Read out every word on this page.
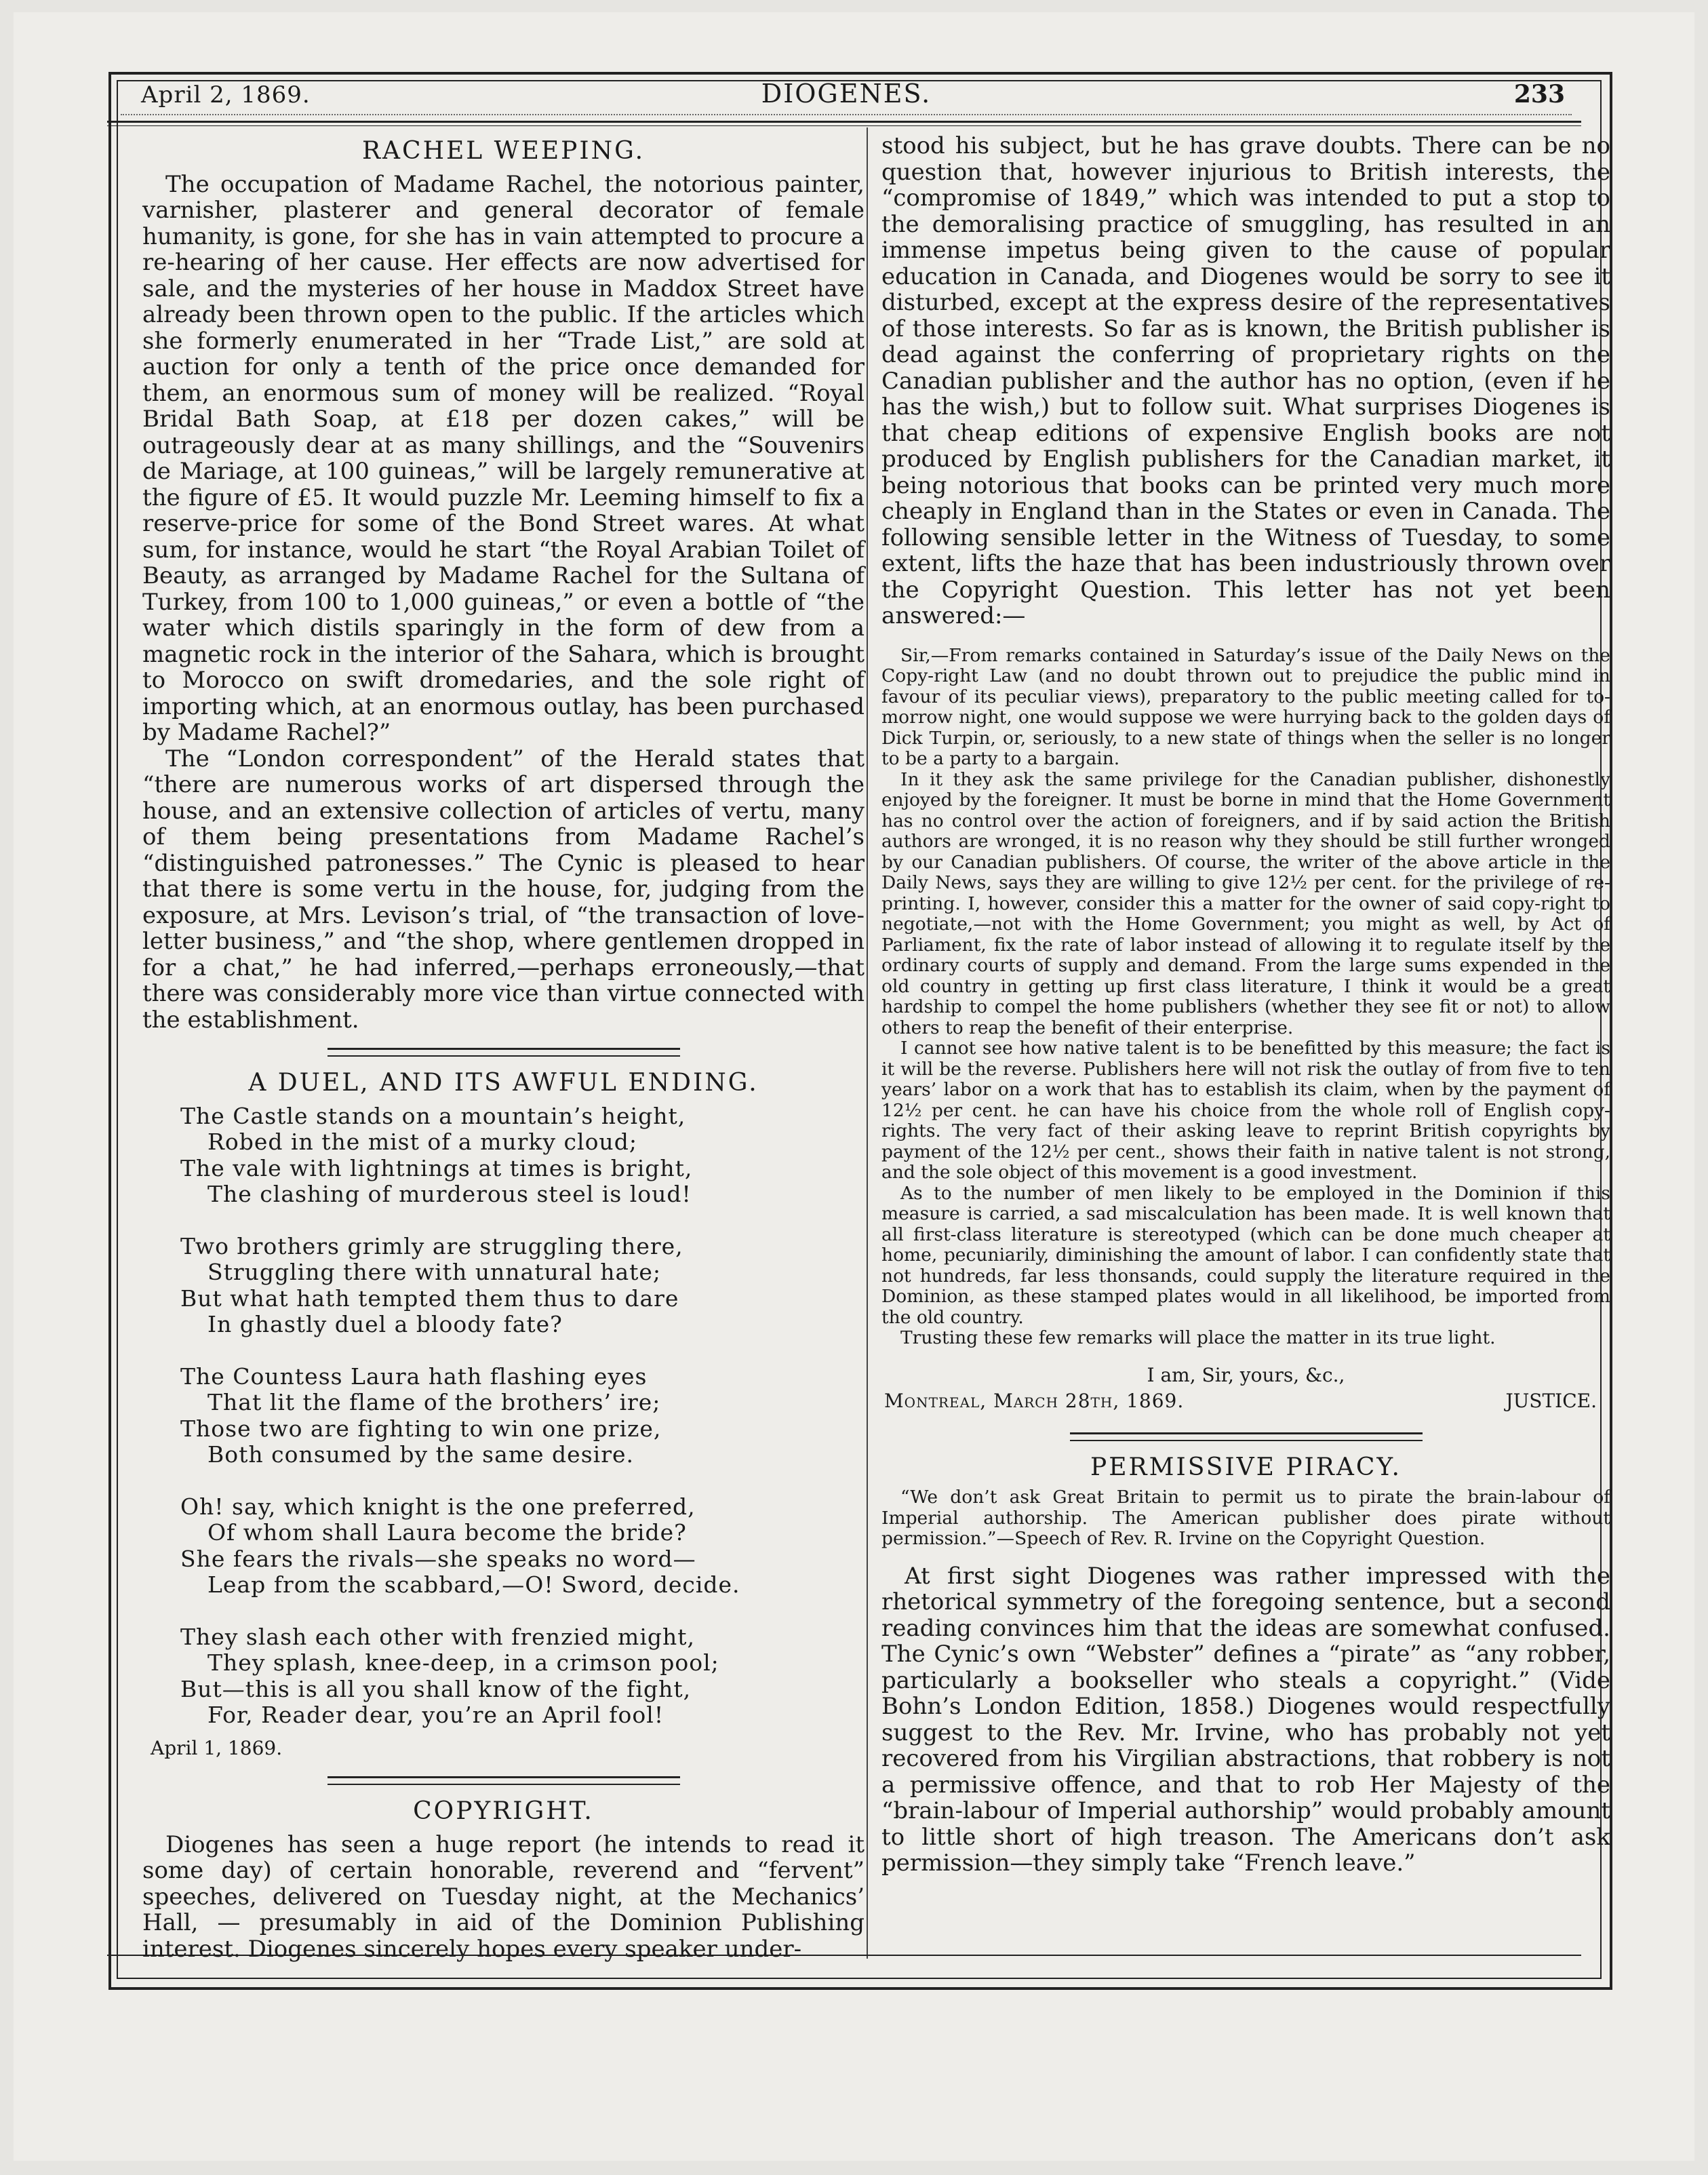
April 2, 1869.	DIOGENES.	233
RACHEL WEEPING.

The occupation of Madame Rachel, the notorious painter, varnisher, plasterer and general decorator of female humanity, is gone, for she has in vain attempted to procure a re-hearing of her cause. Her effects are now advertised for sale, and the mysteries of her house in Maddox Street have already been thrown open to the public. If the articles which she formerly enumerated in her “Trade List,” are sold at auction for only a tenth of the price once demanded for them, an enormous sum of money will be realized. “Royal Bridal Bath Soap, at £18 per dozen cakes,” will be outrageously dear at as many shillings, and the “Souvenirs de Mariage, at 100 guineas,” will be largely remunerative at the figure of £5. It would puzzle Mr. Leeming himself to fix a reserve-price for some of the Bond Street wares. At what sum, for instance, would he start “the Royal Arabian Toilet of Beauty, as arranged by Madame Rachel for the Sultana of Turkey, from 100 to 1,000 guineas,” or even a bottle of “the water which distils sparingly in the form of dew from a magnetic rock in the interior of the Sahara, which is brought to Morocco on swift dromedaries, and the sole right of importing which, at an enormous outlay, has been purchased by Madame Rachel?”

The “London correspondent” of the Herald states that “there are numerous works of art dispersed through the house, and an extensive collection of articles of vertu, many of them being presentations from Madame Rachel’s “distinguished patronesses.” The Cynic is pleased to hear that there is some vertu in the house, for, judging from the exposure, at Mrs. Levison’s trial, of “the transaction of love-letter business,” and “the shop, where gentlemen dropped in for a chat,” he had inferred,—perhaps erroneously,—that there was considerably more vice than virtue connected with the establishment.

A DUEL, AND ITS AWFUL ENDING.
The Castle stands on a mountain’s height,
Robed in the mist of a murky cloud;
The vale with lightnings at times is bright,
The clashing of murderous steel is loud!
Two brothers grimly are struggling there,
Struggling there with unnatural hate;
But what hath tempted them thus to dare
In ghastly duel a bloody fate?
The Countess Laura hath flashing eyes
That lit the flame of the brothers’ ire;
Those two are fighting to win one prize,
Both consumed by the same desire.
Oh! say, which knight is the one preferred,
Of whom shall Laura become the bride?
She fears the rivals—she speaks no word—
Leap from the scabbard,—O! Sword, decide.
They slash each other with frenzied might,
They splash, knee-deep, in a crimson pool;
But—this is all you shall know of the fight,
For, Reader dear, you’re an April fool!
April 1, 1869.
COPYRIGHT.

Diogenes has seen a huge report (he intends to read it some day) of certain honorable, reverend and “fervent” speeches, delivered on Tuesday night, at the Mechanics’ Hall, — presumably in aid of the Dominion Publishing interest. Diogenes sincerely hopes every speaker under-

stood his subject, but he has grave doubts. There can be no question that, however injurious to British interests, the “compromise of 1849,” which was intended to put a stop to the demoralising practice of smuggling, has resulted in an immense impetus being given to the cause of popular education in Canada, and Diogenes would be sorry to see it disturbed, except at the express desire of the representatives of those interests. So far as is known, the British publisher is dead against the conferring of proprietary rights on the Canadian publisher and the author has no option, (even if he has the wish,) but to follow suit. What surprises Diogenes is that cheap editions of expensive English books are not produced by English publishers for the Canadian market, it being notorious that books can be printed very much more cheaply in England than in the States or even in Canada. The following sensible letter in the Witness of Tuesday, to some extent, lifts the haze that has been industriously thrown over the Copyright Question. This letter has not yet been answered:—

Sir,—From remarks contained in Saturday’s issue of the Daily News on the Copy-right Law (and no doubt thrown out to prejudice the public mind in favour of its peculiar views), preparatory to the public meeting called for to-morrow night, one would suppose we were hurrying back to the golden days of Dick Turpin, or, seriously, to a new state of things when the seller is no longer to be a party to a bargain.

In it they ask the same privilege for the Canadian publisher, dishonestly enjoyed by the foreigner. It must be borne in mind that the Home Government has no control over the action of foreigners, and if by said action the British authors are wronged, it is no reason why they should be still further wronged by our Canadian publishers. Of course, the writer of the above article in the Daily News, says they are willing to give 12½ per cent. for the privilege of re-printing. I, however, consider this a matter for the owner of said copy-right to negotiate,—not with the Home Government; you might as well, by Act of Parliament, fix the rate of labor instead of allowing it to regulate itself by the ordinary courts of supply and demand. From the large sums expended in the old country in getting up first class literature, I think it would be a great hardship to compel the home publishers (whether they see fit or not) to allow others to reap the benefit of their enterprise.

I cannot see how native talent is to be benefitted by this measure; the fact is it will be the reverse. Publishers here will not risk the outlay of from five to ten years’ labor on a work that has to establish its claim, when by the payment of 12½ per cent. he can have his choice from the whole roll of English copy-rights. The very fact of their asking leave to reprint British copyrights by payment of the 12½ per cent., shows their faith in native talent is not strong, and the sole object of this movement is a good investment.

As to the number of men likely to be employed in the Dominion if this measure is carried, a sad miscalculation has been made. It is well known that all first-class literature is stereotyped (which can be done much cheaper at home, pecuniarily, diminishing the amount of labor. I can confidently state that not hundreds, far less thonsands, could supply the literature required in the Dominion, as these stamped plates would in all likelihood, be imported from the old country.

Trusting these few remarks will place the matter in its true light.

I am, Sir, yours, &c.,
Montreal, March 28th, 1869.	JUSTICE.
PERMISSIVE PIRACY.

“We don’t ask Great Britain to permit us to pirate the brain-labour of Imperial authorship. The American publisher does pirate without permission.”—Speech of Rev. R. Irvine on the Copyright Question.

At first sight Diogenes was rather impressed with the rhetorical symmetry of the foregoing sentence, but a second reading convinces him that the ideas are somewhat confused. The Cynic’s own “Webster” defines a “pirate” as “any robber, particularly a bookseller who steals a copyright.” (Vide Bohn’s London Edition, 1858.) Diogenes would respectfully suggest to the Rev. Mr. Irvine, who has probably not yet recovered from his Virgilian abstractions, that robbery is not a permissive offence, and that to rob Her Majesty of the “brain-labour of Imperial authorship” would probably amount to little short of high treason. The Americans don’t ask permission—they simply take “French leave.”
